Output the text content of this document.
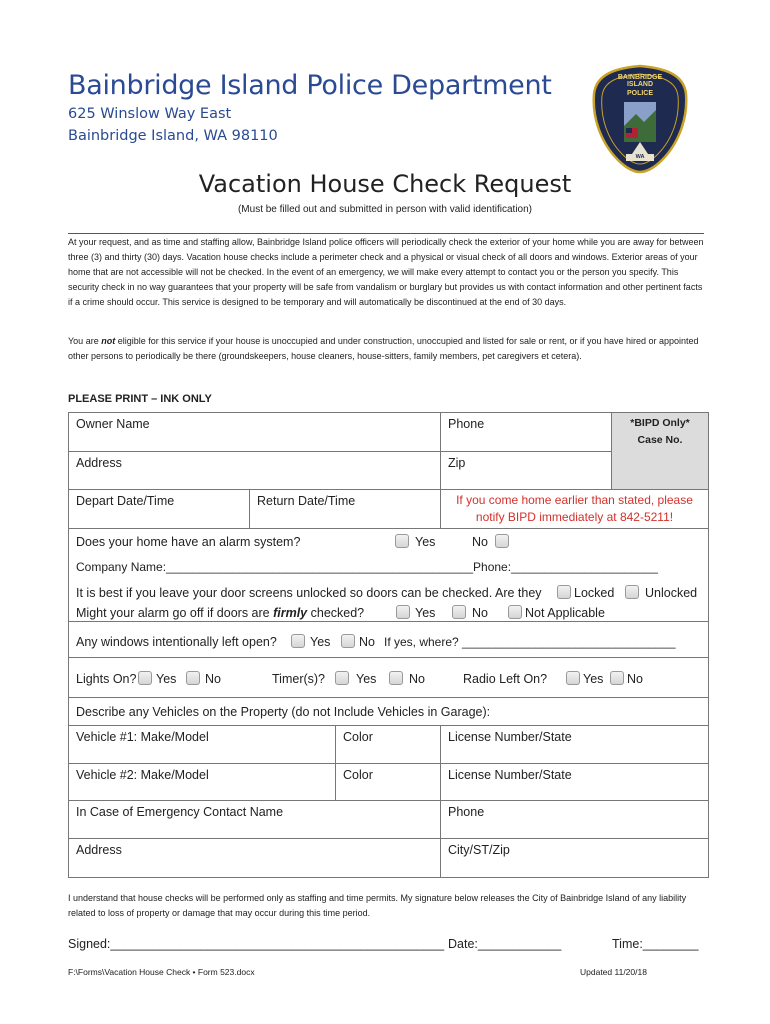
Bainbridge Island Police Department
625 Winslow Way East
Bainbridge Island, WA 98110
BAINBRIDGE ISLAND
POLICE
WA
Vacation House Check Request
(Must be filled out and submitted in person with valid identification)
At your request, and as time and staffing allow, Bainbridge Island police officers will periodically check the exterior of your home while you are away for between three (3) and thirty (30) days. Vacation house checks include a perimeter check and a physical or visual check of all doors and windows. Exterior areas of your home that are not accessible will not be checked. In the event of an emergency, we will make every attempt to contact you or the person you specify. This security check in no way guarantees that your property will be safe from vandalism or burglary but provides us with contact information and other pertinent facts if a crime should occur. This service is designed to be temporary and will automatically be discontinued at the end of 30 days.
You are not eligible for this service if your house is unoccupied and under construction, unoccupied and listed for sale or rent, or if you have hired or appointed other persons to periodically be there (groundskeepers, house cleaners, house-sitters, family members, pet caregivers et cetera).
PLEASE PRINT – INK ONLY
Owner Name	Phone	*BIPD Only*
Case No.
Address	Zip
Depart Date/Time	Return Date/Time	If you come home earlier than stated, please notify BIPD immediately at 842-5211!
Does your home have an alarm system?	Yes	No
Company Name:______________________________________________Phone:______________________
It is best if you leave your door screens unlocked so doors can be checked. Are they	Locked Unlocked
Might your alarm go off if doors are firmly checked?	Yes	No	Not Applicable
Any windows intentionally left open?	Yes No If yes, where? ________________________________
Lights On? Yes No	Timer(s)? Yes	No	Radio Left On?	Yes No
Describe any Vehicles on the Property (do not Include Vehicles in Garage):
Vehicle #1: Make/Model	Color	License Number/State
Vehicle #2: Make/Model	Color	License Number/State
In Case of Emergency Contact Name	Phone
Address	City/ST/Zip
I understand that house checks will be performed only as staffing and time permits. My signature below releases the City of Bainbridge Island of any liability related to loss of property or damage that may occur during this time period.
Signed:________________________________________________ Date:____________	Time:________
F:\Forms\Vacation House Check • Form 523.docx	Updated 11/20/18
